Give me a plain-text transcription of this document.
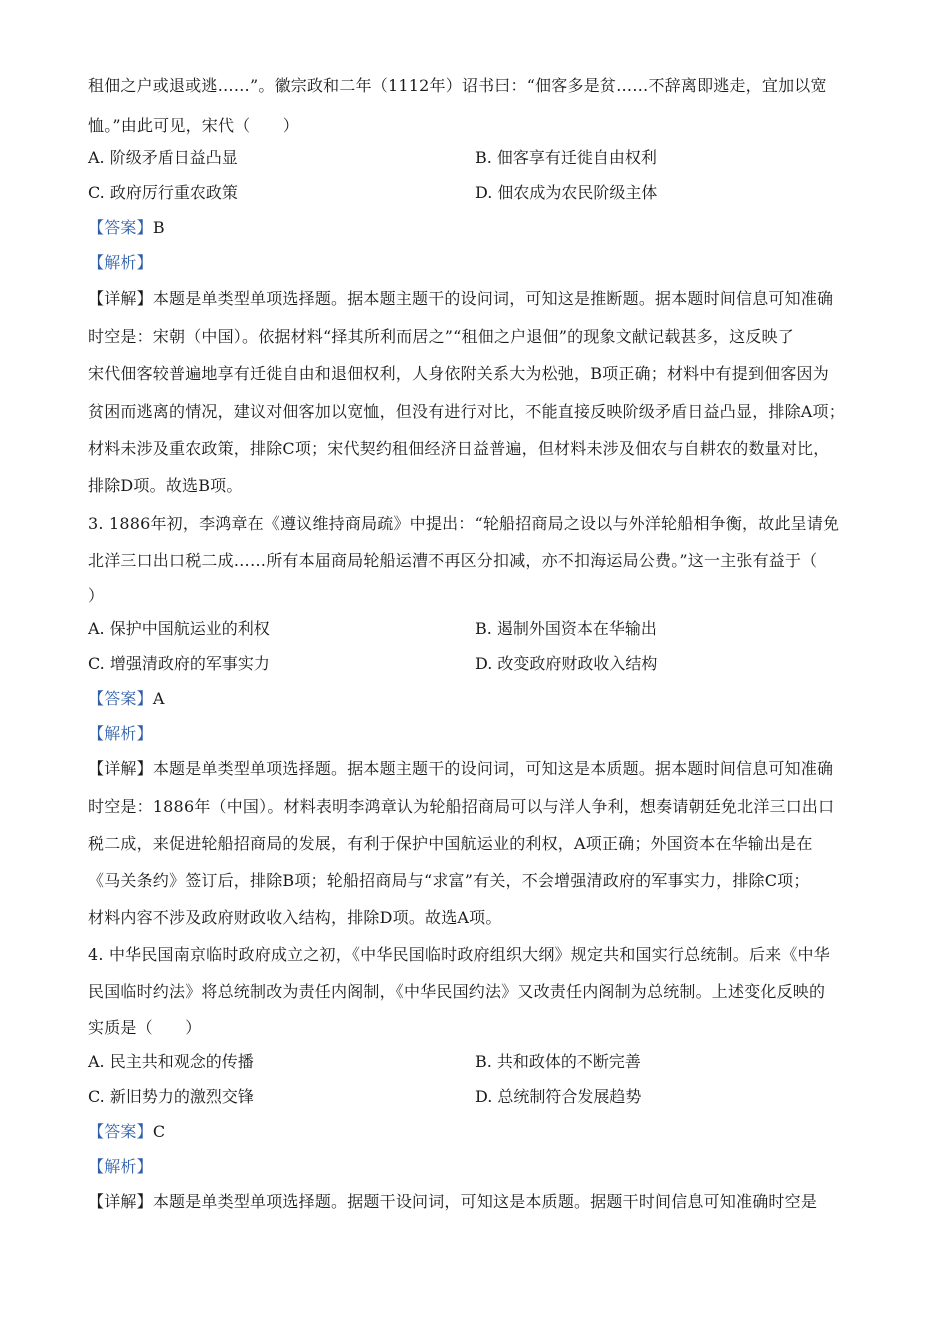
租佃之户或退或逃……”。徽宗政和二年（1112年）诏书曰：“佃客多是贫……不辞离即逃走，宜加以宽
恤。”由此可见，宋代（　　）
A. 阶级矛盾日益凸显	B. 佃客享有迁徙自由权利
C. 政府厉行重农政策	D. 佃农成为农民阶级主体
【答案】B
【解析】
【详解】本题是单类型单项选择题。据本题主题干的设问词，可知这是推断题。据本题时间信息可知准确
时空是：宋朝（中国）。依据材料“择其所利而居之”“租佃之户退佃”的现象文献记载甚多，这反映了
宋代佃客较普遍地享有迁徙自由和退佃权利，人身依附关系大为松弛，B项正确；材料中有提到佃客因为
贫困而逃离的情况，建议对佃客加以宽恤，但没有进行对比，不能直接反映阶级矛盾日益凸显，排除A项；
材料未涉及重农政策，排除C项；宋代契约租佃经济日益普遍，但材料未涉及佃农与自耕农的数量对比，
排除D项。故选B项。
3. 1886年初，李鸿章在《遵议维持商局疏》中提出：“轮船招商局之设以与外洋轮船相争衡，故此呈请免
北洋三口出口税二成……所有本届商局轮船运漕不再区分扣减，亦不扣海运局公费。”这一主张有益于（
）
A. 保护中国航运业的利权	B. 遏制外国资本在华输出
C. 增强清政府的军事实力	D. 改变政府财政收入结构
【答案】A
【解析】
【详解】本题是单类型单项选择题。据本题主题干的设问词，可知这是本质题。据本题时间信息可知准确
时空是：1886年（中国）。材料表明李鸿章认为轮船招商局可以与洋人争利，想奏请朝廷免北洋三口出口
税二成，来促进轮船招商局的发展，有利于保护中国航运业的利权，A项正确；外国资本在华输出是在
《马关条约》签订后，排除B项；轮船招商局与“求富”有关，不会增强清政府的军事实力，排除C项；
材料内容不涉及政府财政收入结构，排除D项。故选A项。
4. 中华民国南京临时政府成立之初，《中华民国临时政府组织大纲》规定共和国实行总统制。后来《中华
民国临时约法》将总统制改为责任内阁制，《中华民国约法》又改责任内阁制为总统制。上述变化反映的
实质是（　　）
A. 民主共和观念的传播	B. 共和政体的不断完善
C. 新旧势力的激烈交锋	D. 总统制符合发展趋势
【答案】C
【解析】
【详解】本题是单类型单项选择题。据题干设问词，可知这是本质题。据题干时间信息可知准确时空是
